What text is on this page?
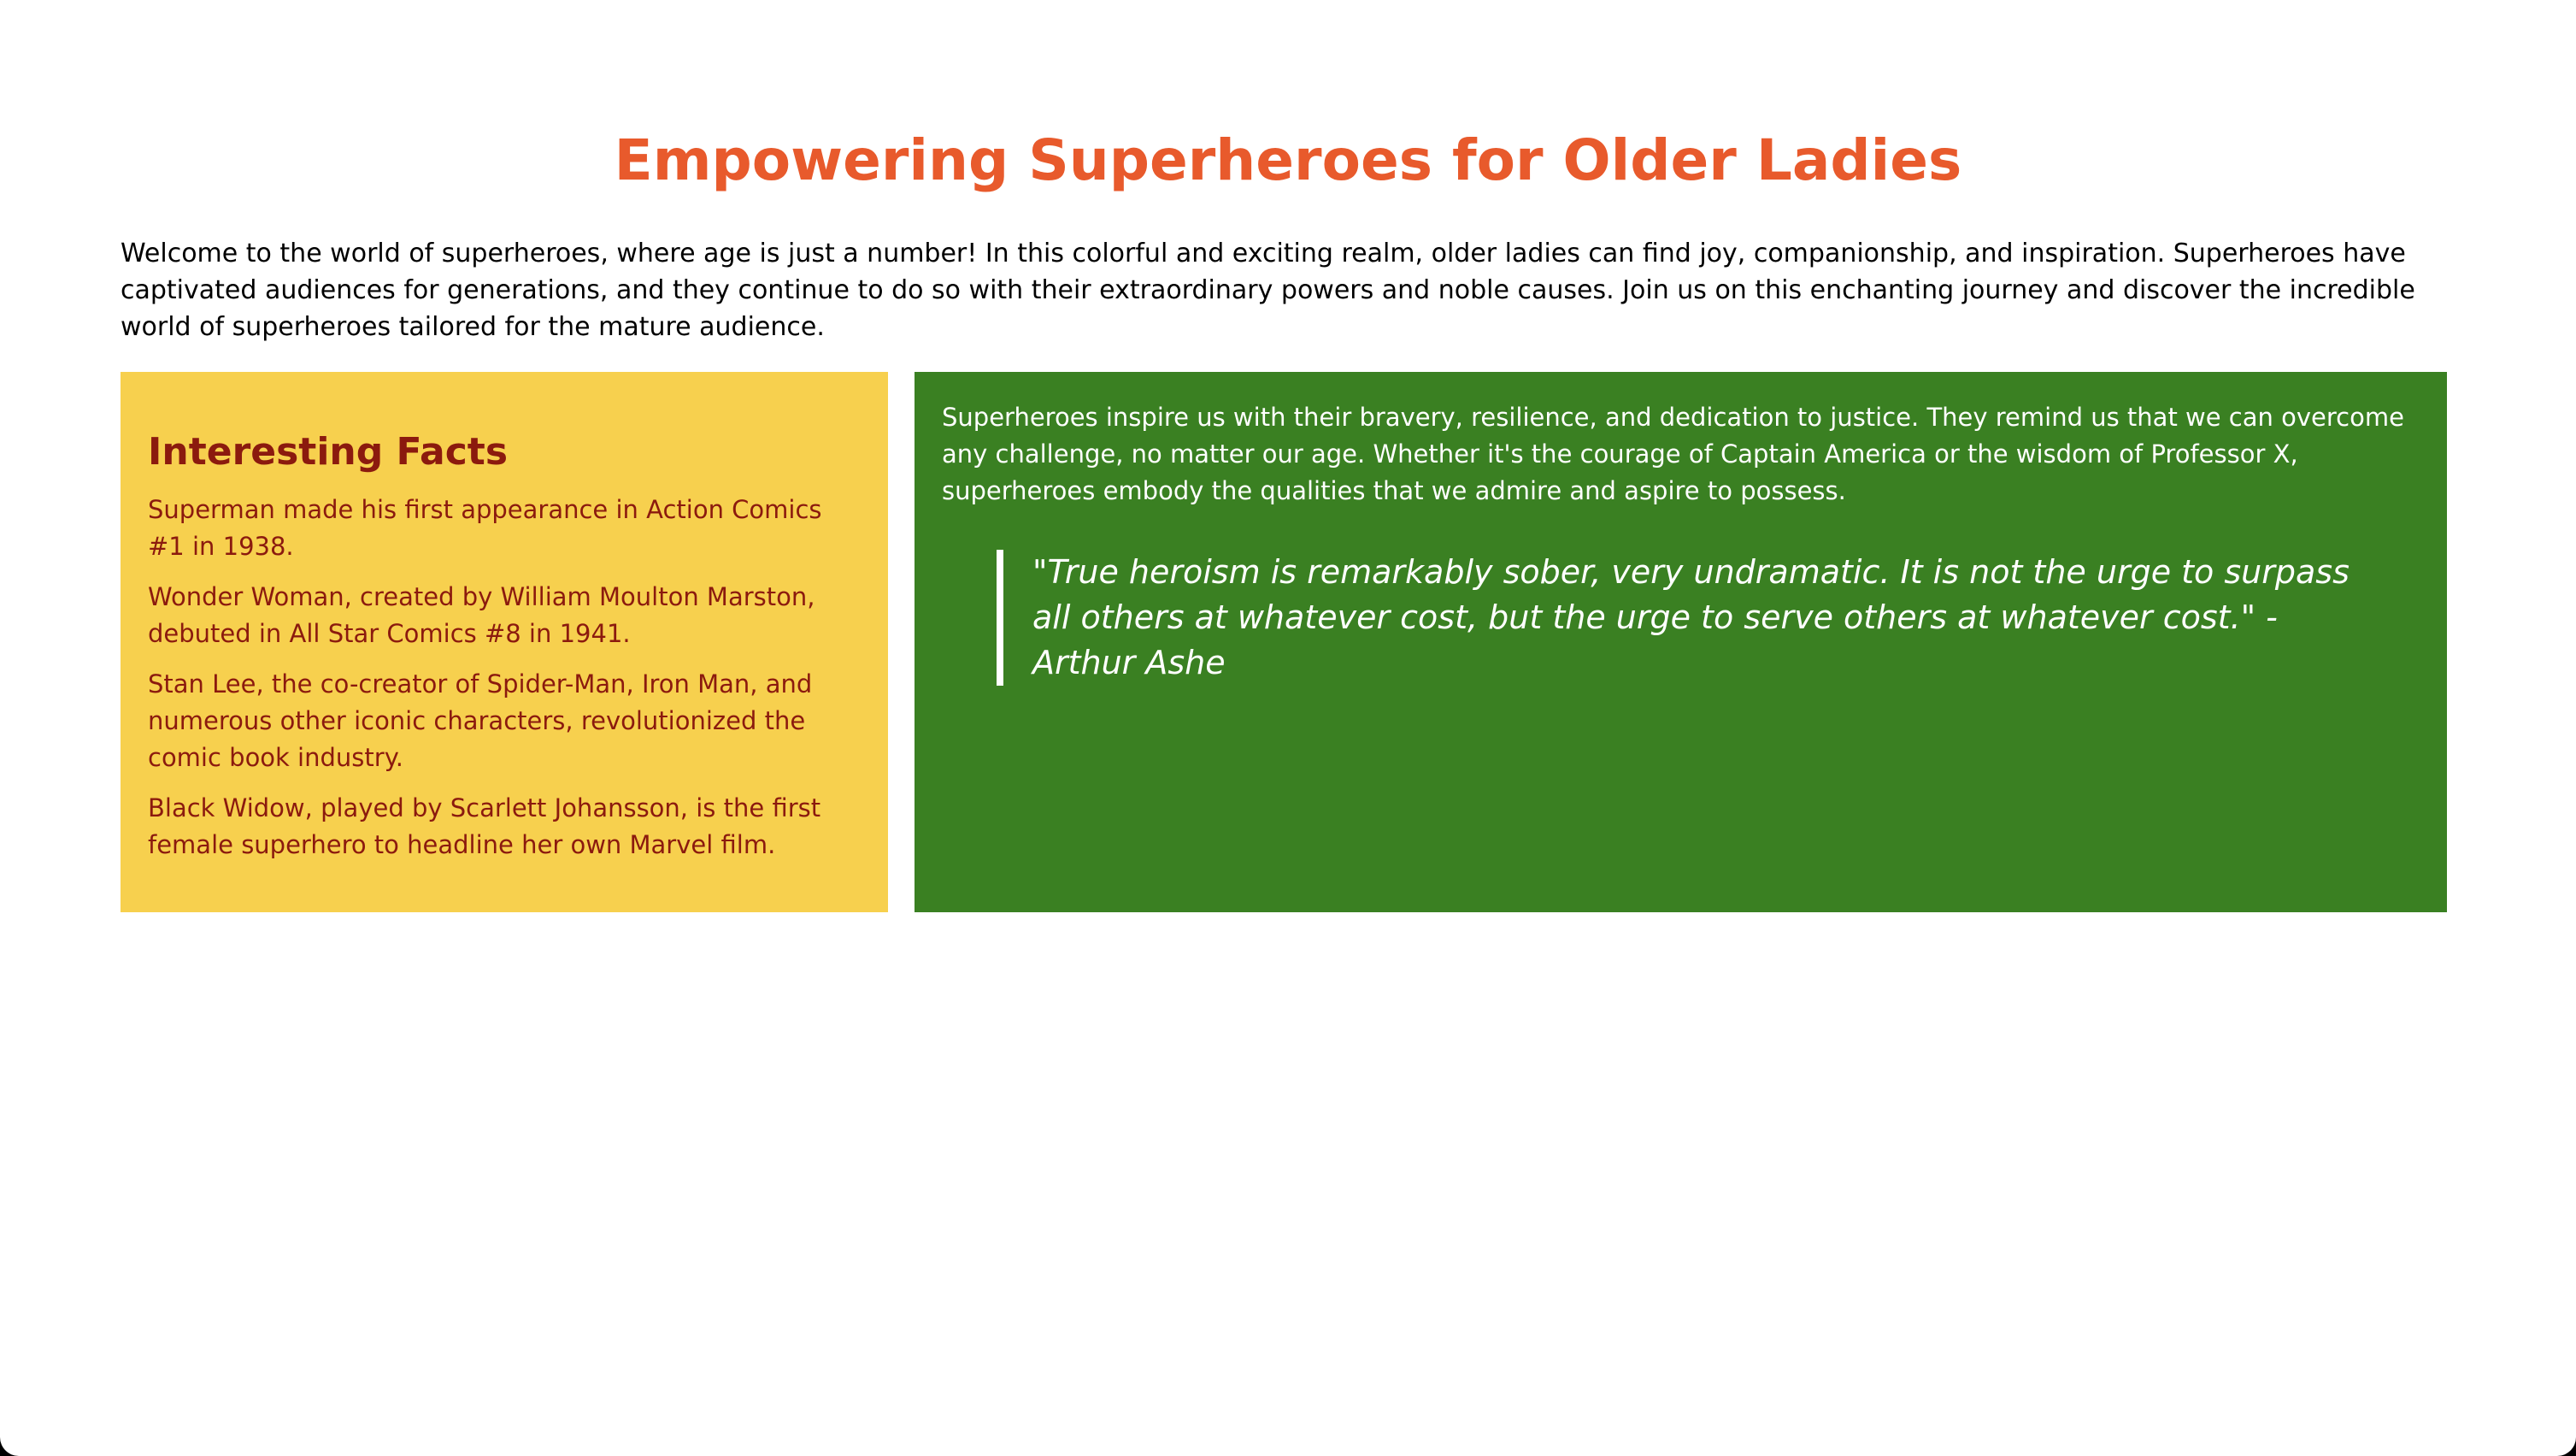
Empowering Superheroes for Older Ladies

Welcome to the world of superheroes, where age is just a number! In this colorful and exciting realm, older ladies can find joy, companionship, and inspiration. Superheroes have captivated audiences for generations, and they continue to do so with their extraordinary powers and noble causes. Join us on this enchanting journey and discover the incredible world of superheroes tailored for the mature audience.

Interesting Facts

Superman made his first appearance in Action Comics #1 in 1938.

Wonder Woman, created by William Moulton Marston, debuted in All Star Comics #8 in 1941.

Stan Lee, the co-creator of Spider-Man, Iron Man, and numerous other iconic characters, revolutionized the comic book industry.

Black Widow, played by Scarlett Johansson, is the first female superhero to headline her own Marvel film.

Superheroes inspire us with their bravery, resilience, and dedication to justice. They remind us that we can overcome any challenge, no matter our age. Whether it's the courage of Captain America or the wisdom of Professor X, superheroes embody the qualities that we admire and aspire to possess.

"True heroism is remarkably sober, very undramatic. It is not the urge to surpass all others at whatever cost, but the urge to serve others at whatever cost." - Arthur Ashe
